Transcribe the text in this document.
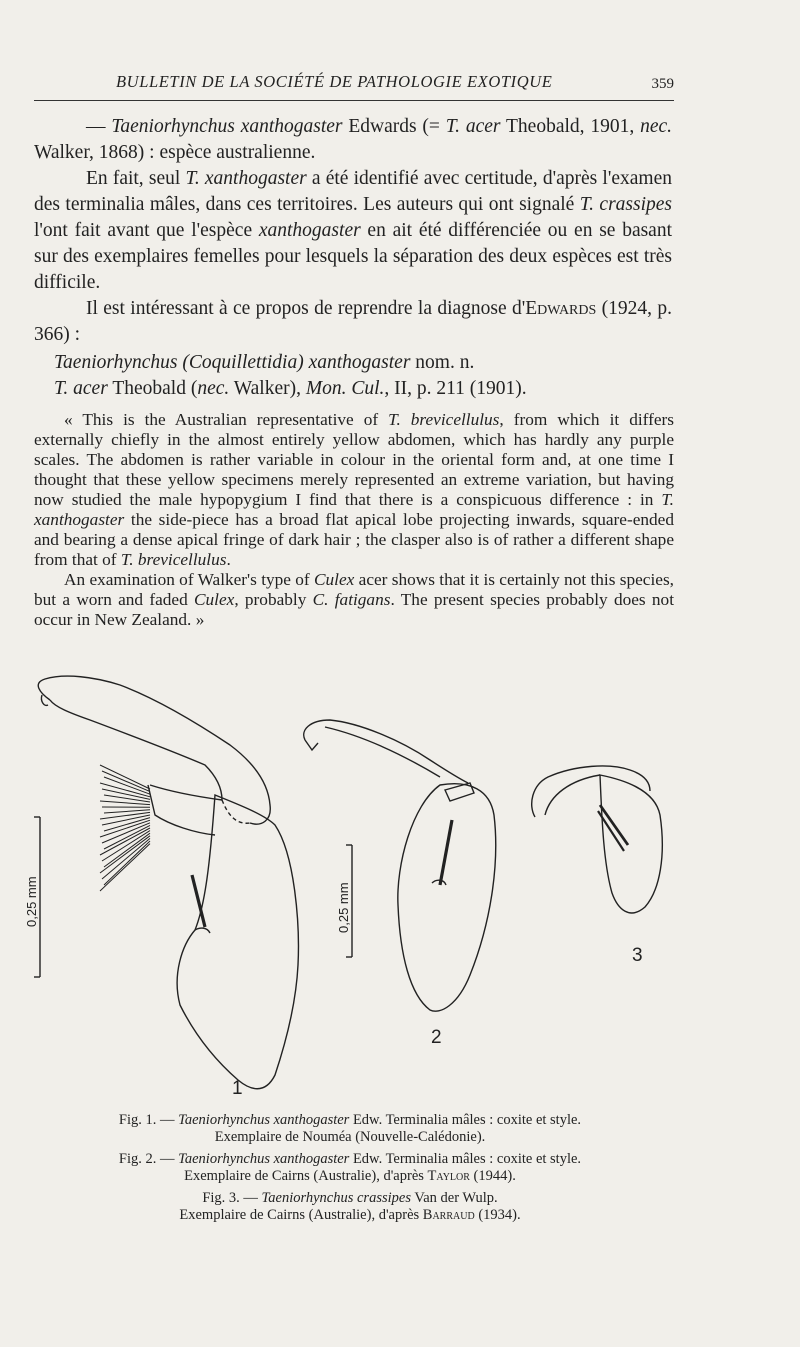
BULLETIN DE LA SOCIÉTÉ DE PATHOLOGIE EXOTIQUE	359

— Taeniorhynchus xanthogaster Edwards (= T. acer Theobald, 1901, nec. Walker, 1868) : espèce australienne.

En fait, seul T. xanthogaster a été identifié avec certitude, d'après l'examen des terminalia mâles, dans ces territoires. Les auteurs qui ont signalé T. crassipes l'ont fait avant que l'espèce xanthogaster en ait été différenciée ou en se basant sur des exemplaires femelles pour lesquels la séparation des deux espèces est très difficile.

Il est intéressant à ce propos de reprendre la diagnose d'Edwards (1924, p. 366) :

Taeniorhynchus (Coquillettidia) xanthogaster nom. n.

T. acer Theobald (nec. Walker), Mon. Cul., II, p. 211 (1901).

« This is the Australian representative of T. brevicellulus, from which it differs externally chiefly in the almost entirely yellow abdomen, which has hardly any purple scales. The abdomen is rather variable in colour in the oriental form and, at one time I thought that these yellow specimens merely represented an extreme variation, but having now studied the male hypopygium I find that there is a conspicuous difference : in T. xanthogaster the side-piece has a broad flat apical lobe projecting inwards, square-ended and bearing a dense apical fringe of dark hair ; the clasper also is of rather a different shape from that of T. brevicellulus.

An examination of Walker's type of Culex acer shows that it is certainly not this species, but a worn and faded Culex, probably C. fatigans. The present species probably does not occur in New Zealand. »

0,25 mm	0,25 mm
1
2
3

Fig. 1. — Taeniorhynchus xanthogaster Edw. Terminalia mâles : coxite et style.
Exemplaire de Nouméa (Nouvelle-Calédonie).

Fig. 2. — Taeniorhynchus xanthogaster Edw. Terminalia mâles : coxite et style.
Exemplaire de Cairns (Australie), d'après Taylor (1944).

Fig. 3. — Taeniorhynchus crassipes Van der Wulp.
Exemplaire de Cairns (Australie), d'après Barraud (1934).
